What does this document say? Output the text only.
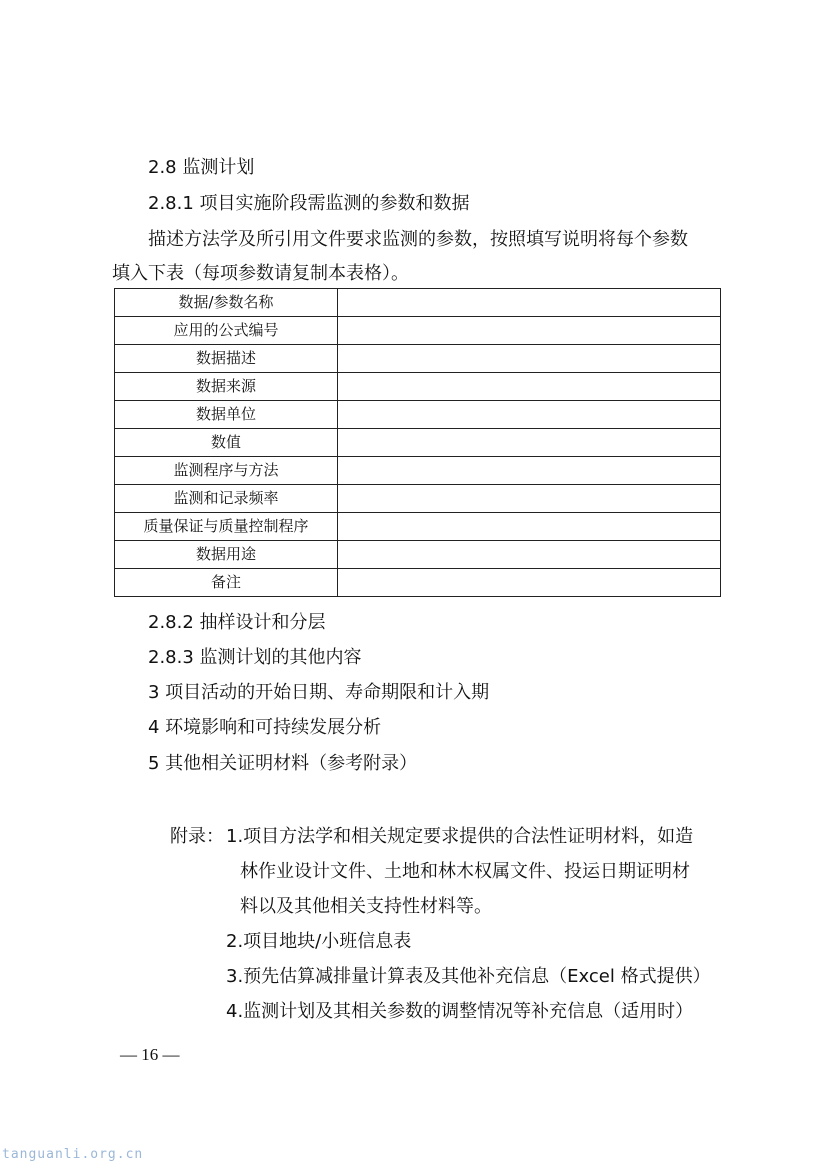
2.8 监测计划
2.8.1 项目实施阶段需监测的参数和数据
描述方法学及所引用文件要求监测的参数，按照填写说明将每个参数
填入下表（每项参数请复制本表格）。
数据/参数名称	
应用的公式编号	
数据描述	
数据来源	
数据单位	
数值	
监测程序与方法	
监测和记录频率	
质量保证与质量控制程序	
数据用途	
备注	
2.8.2 抽样设计和分层
2.8.3 监测计划的其他内容
3 项目活动的开始日期、寿命期限和计入期
4 环境影响和可持续发展分析
5 其他相关证明材料（参考附录）
附录： 1.项目方法学和相关规定要求提供的合法性证明材料，如造
林作业设计文件、土地和林木权属文件、投运日期证明材
料以及其他相关支持性材料等。
2.项目地块/小班信息表
3.预先估算减排量计算表及其他补充信息（Excel 格式提供）
4.监测计划及其相关参数的调整情况等补充信息（适用时）
— 16 —
tanguanli.org.cn
